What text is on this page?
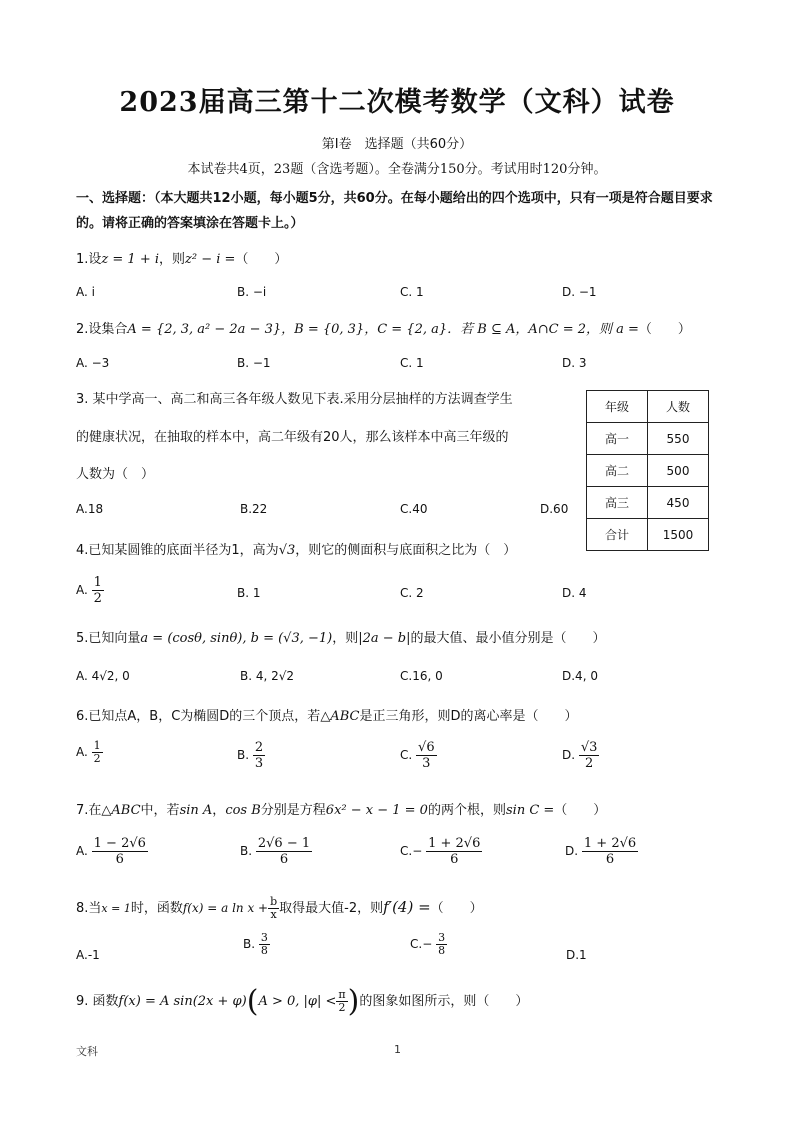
2023届高三第十二次模考数学（文科）试卷
第Ⅰ卷　选择题（共60分）
本试卷共4页，23题（含选考题）。全卷满分150分。考试用时120分钟。
一、选择题：（本大题共12小题，每小题5分，共60分。在每小题给出的四个选项中，只有一项是符合题目要求的。请将正确的答案填涂在答题卡上。）
1.设z = 1 + i，则z² − i =（　　）
A. i	B. −i	C. 1	D. −1
2.设集合A = {2, 3, a² − 2a − 3}，B = {0, 3}，C = {2, a}．若 B ⊆ A，A∩C = 2，则 a =（　　）
A. −3	B. −1	C. 1	D. 3
3. 某中学高一、高二和高三各年级人数见下表.采用分层抽样的方法调查学生
的健康状况，在抽取的样本中，高二年级有20人，那么该样本中高三年级的
人数为（　）
A.18	B.22	C.40	D.60
年级	人数
高一	550
高二	500
高三	450
合计	1500
4.已知某圆锥的底面半径为1，高为√3，则它的侧面积与底面积之比为（　）
A. $\frac{1}{2}$	B. 1	C. 2	D. 4
5.已知向量a = (cosθ, sinθ), b = (√3, −1)，则|2a − b|的最大值、最小值分别是（　　）
A. 4√2, 0	B. 4, 2√2	C.16, 0	D.4, 0
6.已知点A，B，C为椭圆D的三个顶点，若△ABC是正三角形，则D的离心率是（　　）
A. $\frac{1}{2}$	B. $\frac{2}{3}$	C. $\frac{√6}{3}$	D. $\frac{√3}{2}$
7.在△ABC中，若sin A，cos B分别是方程6x² − x − 1 = 0的两个根，则sin C =（　　）
A. $\frac{1 - 2√6}{6}$	B. $\frac{2√6 - 1}{6}$	$C.- \frac{1 + 2√6}{6}$	D. $\frac{1 + 2√6}{6}$
8.当x = 1时，函数f(x) = a $\ln x + \frac{b}{x}$ 取得最大值-2，则f′(4) =（　　）
A.-1
B. $\frac{3}{8}$	$C.- \frac{3}{8}$	D.1
9. 函数f(x) = A sin(2x + φ)(A > 0, $|\varphi| < \frac{\pi}{2}$ )的图象如图所示，则（　　）
文科	1
